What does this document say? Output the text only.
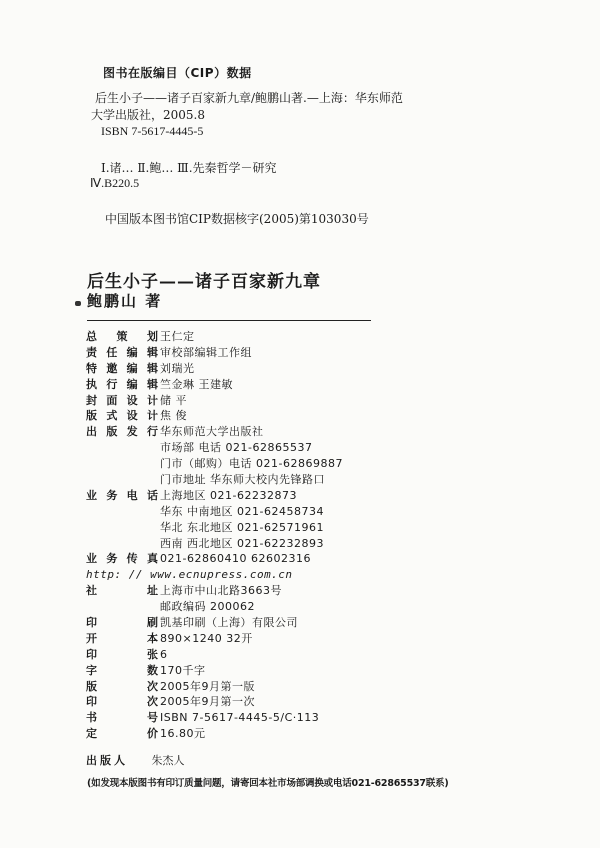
图书在版编目（CIP）数据
后生小子——诸子百家新九章/鲍鹏山著.—上海：华东师范
大学出版社，2005.8
ISBN 7-5617-4445-5
Ⅰ.诸… Ⅱ.鲍… Ⅲ.先秦哲学－研究
Ⅳ.B220.5
中国版本图书馆CIP数据核字(2005)第103030号
后生小子——诸子百家新九章
鲍鹏山 著
总策划 王仁定
责任编辑 审校部编辑工作组
特邀编辑 刘瑞光
执行编辑 竺金琳 王建敏
封面设计 储 平
版式设计 焦 俊
出版发行 华东师范大学出版社
市场部 电话 021-62865537
门市（邮购）电话 021-62869887
门市地址 华东师大校内先锋路口
业务电话 上海地区 021-62232873
华东 中南地区 021-62458734
华北 东北地区 021-62571961
西南 西北地区 021-62232893
业务传真 021-62860410 62602316
http: // www.ecnupress.com.cn
社址 上海市中山北路3663号
邮政编码 200062
印刷 凯基印刷（上海）有限公司
开本 890×1240 32开
印张 6
字数 170千字
版次 2005年9月第一版
印次 2005年9月第一次
书号 ISBN 7-5617-4445-5/C·113
定价 16.80元
出版人 朱杰人
(如发现本版图书有印订质量问题，请寄回本社市场部调换或电话021-62865537联系)
